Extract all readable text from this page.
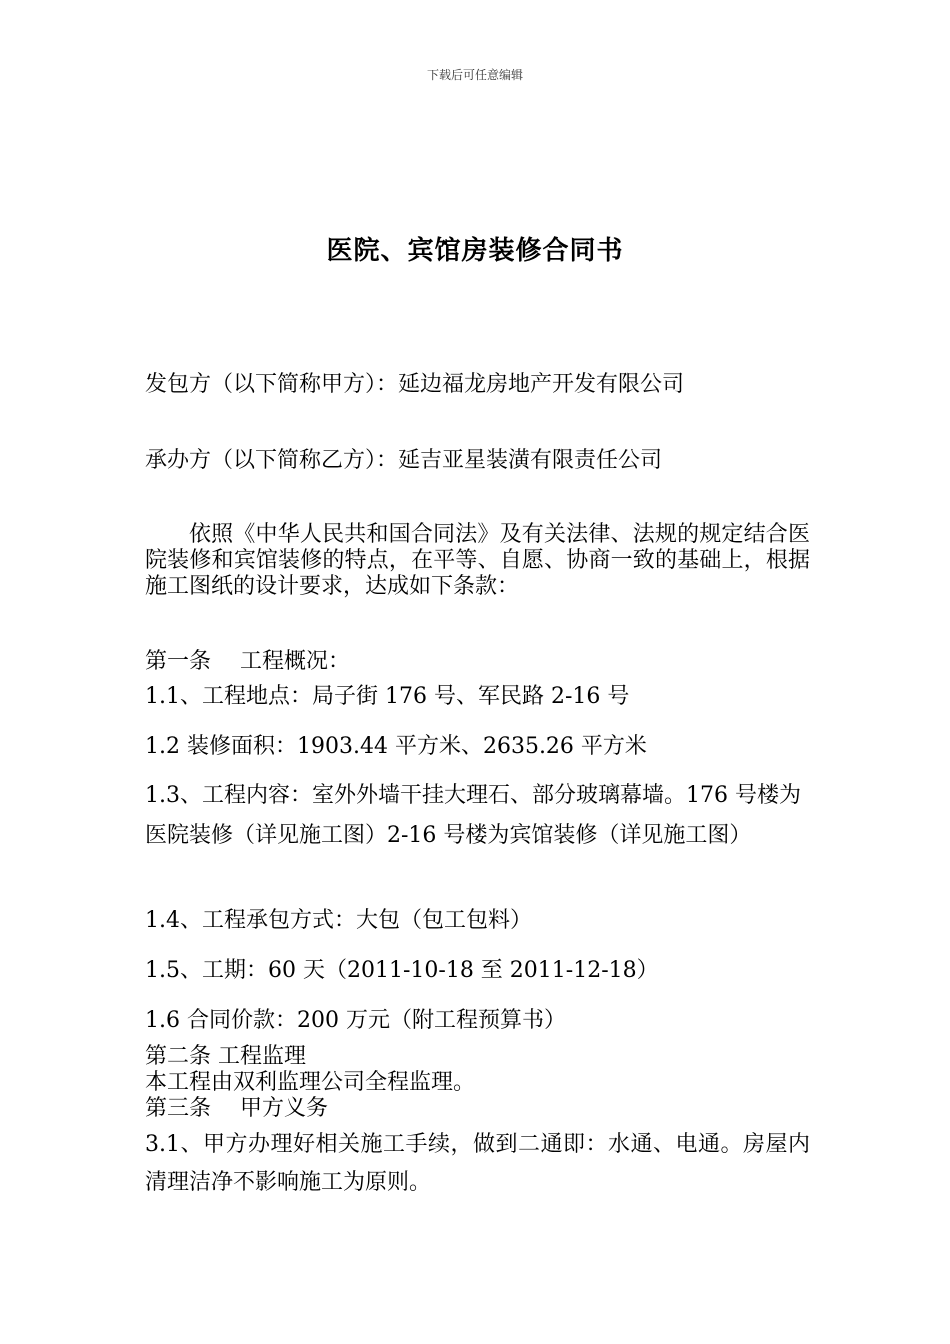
下载后可任意编辑
医院、宾馆房装修合同书
发包方（以下简称甲方）：延边福龙房地产开发有限公司
承办方（以下简称乙方）：延吉亚星装潢有限责任公司
依照《中华人民共和国合同法》及有关法律、法规的规定结合医院装修和宾馆装修的特点，在平等、自愿、协商一致的基础上，根据施工图纸的设计要求，达成如下条款：
第一条　 工程概况：
1.1、工程地点：局子街 176 号、军民路 2-16 号
1.2 装修面积：1903.44 平方米、2635.26 平方米
1.3、工程内容：室外外墙干挂大理石、部分玻璃幕墙。176 号楼为医院装修（详见施工图）2-16 号楼为宾馆装修（详见施工图）
1.4、工程承包方式：大包（包工包料）
1.5、工期：60 天（2011-10-18 至 2011-12-18）
1.6 合同价款：200 万元（附工程预算书）
第二条 工程监理
本工程由双利监理公司全程监理。
第三条　 甲方义务
3.1、甲方办理好相关施工手续，做到二通即：水通、电通。房屋内清理洁净不影响施工为原则。
